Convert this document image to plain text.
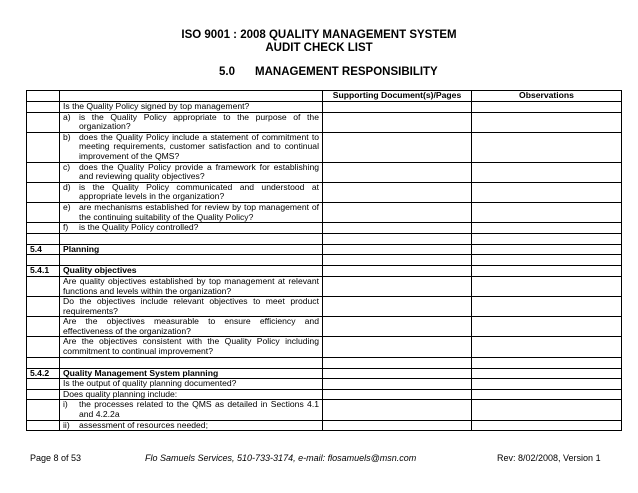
ISO 9001 : 2008 QUALITY MANAGEMENT SYSTEM
AUDIT CHECK LIST
5.0 MANAGEMENT RESPONSIBILITY
		Supporting Document(s)/Pages	Observations
	Is the Quality Policy signed by top management?		

	a) is the Quality Policy appropriate to the purpose of the organization?		

	b) does the Quality Policy include a statement of commitment to meeting requirements, customer satisfaction and to continual improvement of the QMS?		

	c) does the Quality Policy provide a framework for establishing and reviewing quality objectives?		

	d) is the Quality Policy communicated and understood at appropriate levels in the organization?		

	e) are mechanisms established for review by top management of the continuing suitability of the Quality Policy?		

	f) is the Quality Policy controlled?		

5.4	Planning		

5.4.1	Quality objectives		
	Are quality objectives established by top management at relevant functions and levels within the organization?		
	Do the objectives include relevant objectives to meet product requirements?		
	Are the objectives measurable to ensure efficiency and effectiveness of the organization?		
	Are the objectives consistent with the Quality Policy including commitment to continual improvement?		

5.4.2	Quality Management System planning		
	Is the output of quality planning documented?		
	Does quality planning include:		

	i) the processes related to the QMS as detailed in Sections 4.1 and 4.2.2a		

	ii) assessment of resources needed;		

Page 8 of 53	Flo Samuels Services, 510-733-3174, e-mail: flosamuels@msn.com	Rev: 8/02/2008, Version 1
